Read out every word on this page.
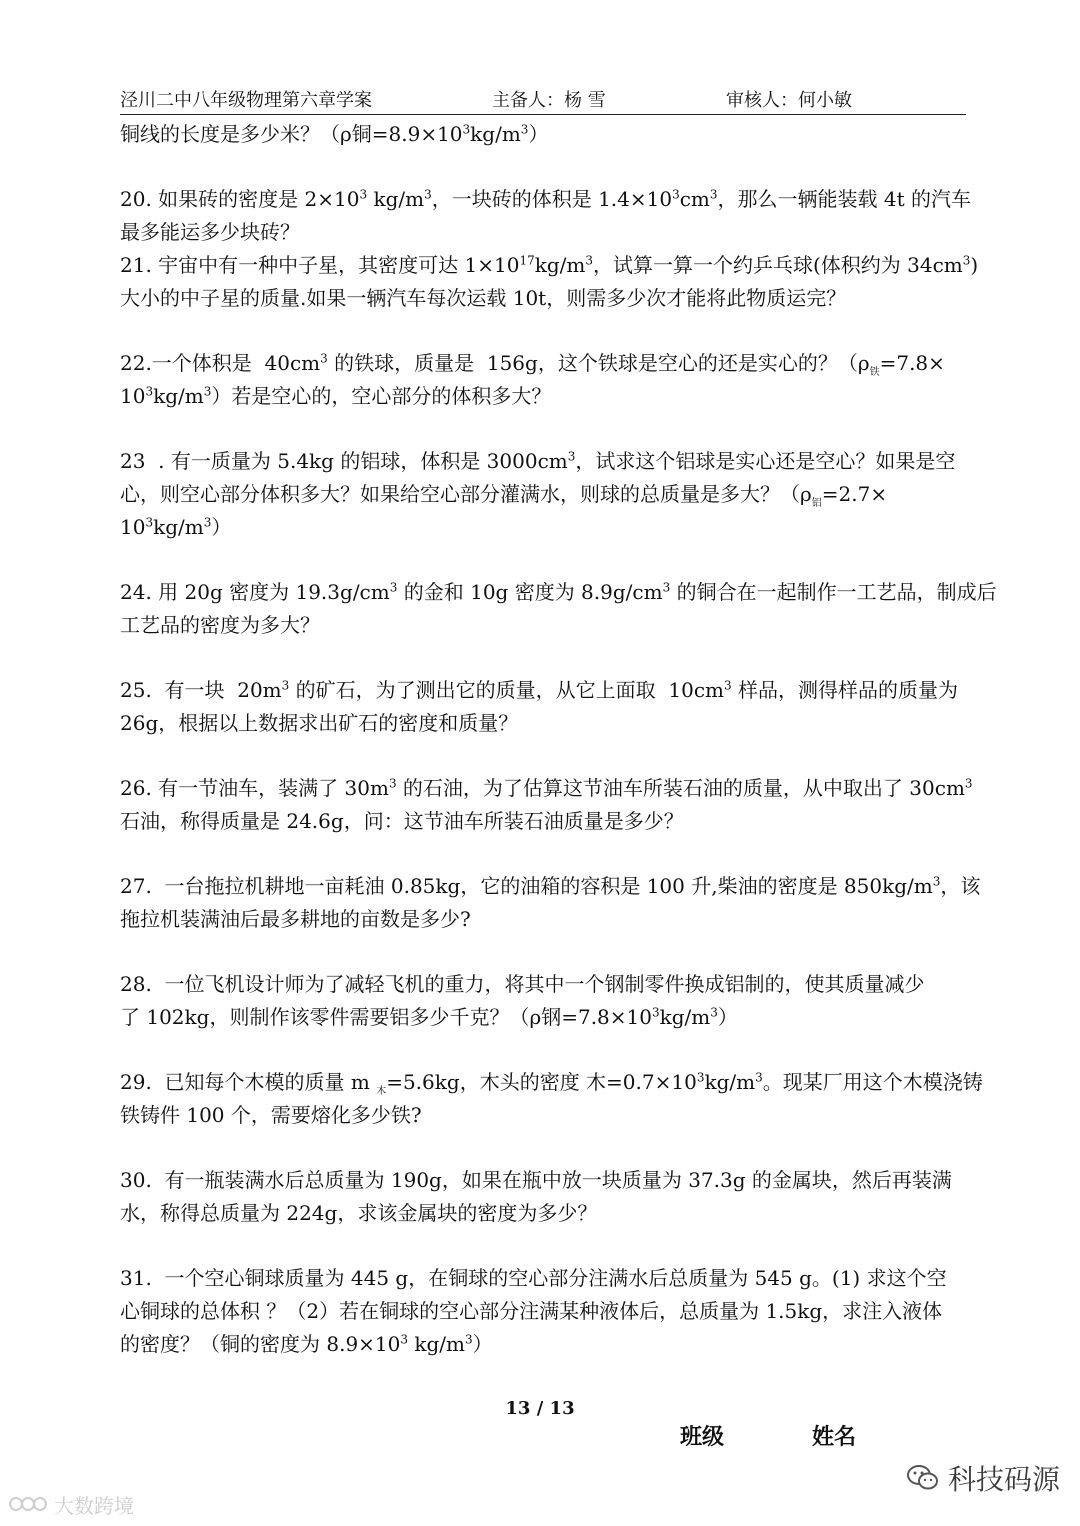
泾川二中八年级物理第六章学案	主备人：杨 雪	审核人：何小敏

铜线的长度是多少米？（ρ铜$=8.9\times 10^3kg/m^3$）

20. 如果砖的密度是 $2\times 10^3$ $kg/m^3$，一块砖的体积是 $1.4\times 10^3cm^3$，那么一辆能装载 4t 的汽车

最多能运多少块砖？

21. 宇宙中有一种中子星，其密度可达 $1\times 10^{17}kg/m^3$，试算一算一个约乒乓球(体积约为 $34cm^3$)

大小的中子星的质量.如果一辆汽车每次运载 10t，则需多少次才能将此物质运完？

22.一个体积是  $40cm^3$ 的铁球，质量是  156g，这个铁球是空心的还是实心的？（$\rho_铁=7.8\times$

$10^3kg/m^3$）若是空心的，空心部分的体积多大？

23  . 有一质量为 5.4kg 的铝球，体积是 $3000cm^3$，试求这个铝球是实心还是空心？如果是空

心，则空心部分体积多大？如果给空心部分灌满水，则球的总质量是多大？（$\rho_铝=2.7\times$

$10^3kg/m^3$）

24. 用 20g 密度为 $19.3g/cm^3$ 的金和 10g 密度为 $8.9g/cm^3$ 的铜合在一起制作一工艺品，制成后

工艺品的密度为多大？

25.  有一块  $20m^3$ 的矿石，为了测出它的质量，从它上面取  $10cm^3$ 样品，测得样品的质量为

26g，根据以上数据求出矿石的密度和质量？

26. 有一节油车，装满了 $30m^3$ 的石油，为了估算这节油车所装石油的质量，从中取出了 $30cm^3$

石油，称得质量是 24.6g，问：这节油车所装石油质量是多少？

27.  一台拖拉机耕地一亩耗油 0.85kg，它的油箱的容积是 100 升,柴油的密度是 $850kg/m^3$，该

拖拉机装满油后最多耕地的亩数是多少?

28.  一位飞机设计师为了减轻飞机的重力，将其中一个钢制零件换成铝制的，使其质量减少

了 102kg，则制作该零件需要铝多少千克？（ρ钢$=7.8\times 10^3kg/m^3$）

29.  已知每个木模的质量 m $_木$=5.6kg，木头的密度 木$=0.7\times 10^3kg/m^3$。现某厂用这个木模浇铸

铁铸件 100 个，需要熔化多少铁?

30.  有一瓶装满水后总质量为 190g，如果在瓶中放一块质量为 37.3g 的金属块，然后再装满

水，称得总质量为 224g，求该金属块的密度为多少？

31.  一个空心铜球质量为 445 g，在铜球的空心部分注满水后总质量为 545 g。(1) 求这个空

心铜球的总体积 ？（2）若在铜球的空心部分注满某种液体后，总质量为 1.5kg，求注入液体

的密度？（铜的密度为 $8.9\times 10^3$ $kg/m^3$）

13 / 13
班级	姓名
科技码源
大数跨境
